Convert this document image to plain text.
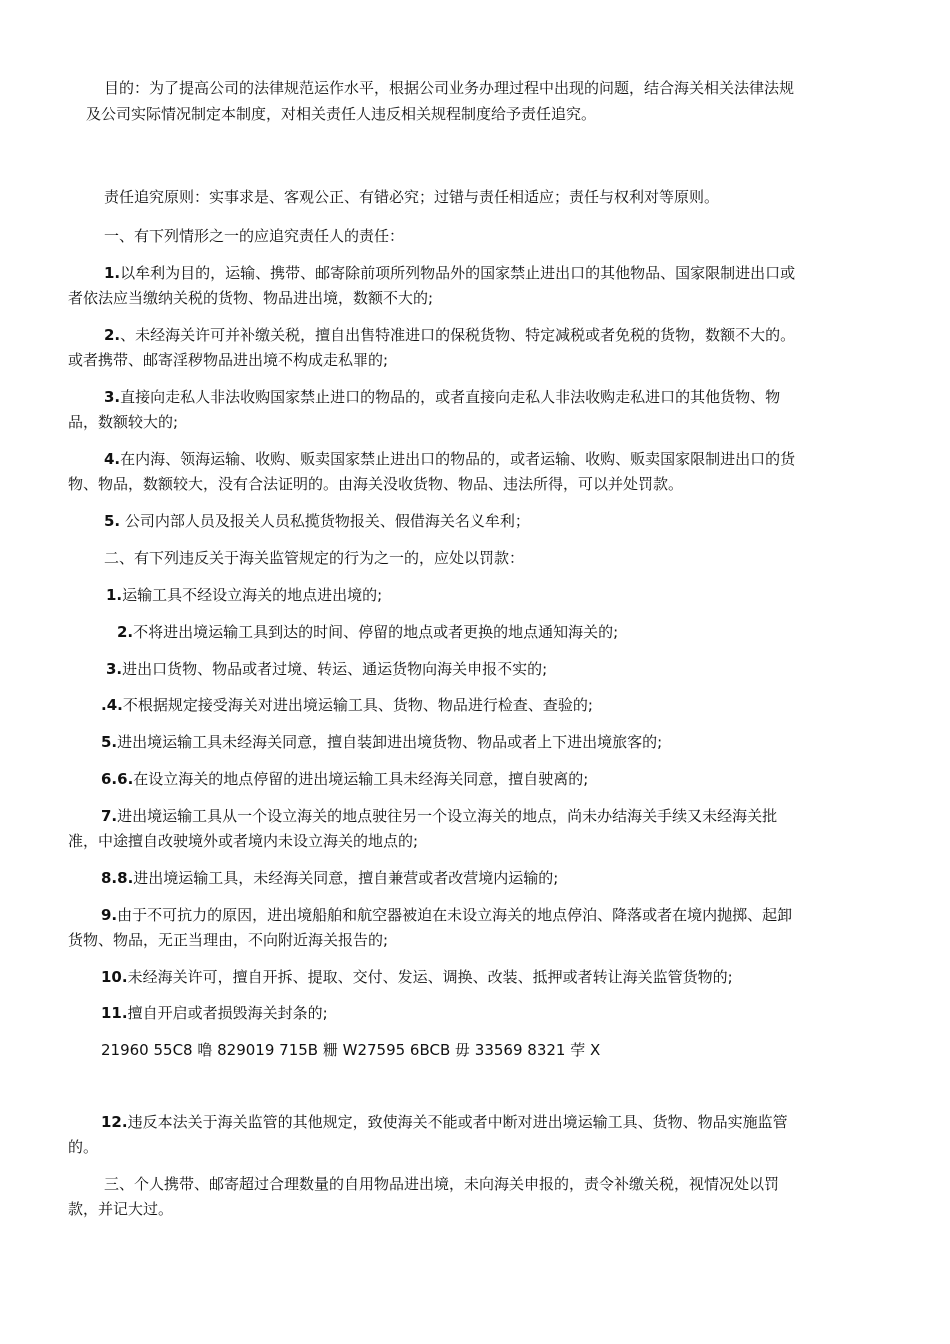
目的：为了提高公司的法律规范运作水平，根据公司业务办理过程中出现的问题，结合海关相关法律法规
及公司实际情况制定本制度，对相关责任人违反相关规程制度给予责任追究。
责任追究原则：实事求是、客观公正、有错必究；过错与责任相适应；责任与权利对等原则。
一、有下列情形之一的应追究责任人的责任：
1.以牟利为目的，运输、携带、邮寄除前项所列物品外的国家禁止进出口的其他物品、国家限制进出口或
者依法应当缴纳关税的货物、物品进出境，数额不大的;
2.、未经海关许可并补缴关税，擅自出售特准进口的保税货物、特定减税或者免税的货物，数额不大的。
或者携带、邮寄淫秽物品进出境不构成走私罪的;
3.直接向走私人非法收购国家禁止进口的物品的，或者直接向走私人非法收购走私进口的其他货物、物
品，数额较大的;
4.在内海、领海运输、收购、贩卖国家禁止进出口的物品的，或者运输、收购、贩卖国家限制进出口的货
物、物品，数额较大，没有合法证明的。由海关没收货物、物品、违法所得，可以并处罚款。
5. 公司内部人员及报关人员私揽货物报关、假借海关名义牟利；
二、有下列违反关于海关监管规定的行为之一的，应处以罚款：
1.运输工具不经设立海关的地点进出境的;
2.不将进出境运输工具到达的时间、停留的地点或者更换的地点通知海关的;
3.进出口货物、物品或者过境、转运、通运货物向海关申报不实的;
.4.不根据规定接受海关对进出境运输工具、货物、物品进行检查、查验的;
5.进出境运输工具未经海关同意，擅自装卸进出境货物、物品或者上下进出境旅客的;
6.6.在设立海关的地点停留的进出境运输工具未经海关同意，擅自驶离的;
7.进出境运输工具从一个设立海关的地点驶往另一个设立海关的地点，尚未办结海关手续又未经海关批
准，中途擅自改驶境外或者境内未设立海关的地点的;
8.8.进出境运输工具，未经海关同意，擅自兼营或者改营境内运输的;
9.由于不可抗力的原因，进出境船舶和航空器被迫在未设立海关的地点停泊、降落或者在境内抛掷、起卸
货物、物品，无正当理由，不向附近海关报告的;
10.未经海关许可，擅自开拆、提取、交付、发运、调换、改装、抵押或者转让海关监管货物的;
11.擅自开启或者损毁海关封条的;
21960 55C8 噜 829019 715B 粣 W27595 6BCB 毋 33569 8321 荢 X
12.违反本法关于海关监管的其他规定，致使海关不能或者中断对进出境运输工具、货物、物品实施监管
的。
三、个人携带、邮寄超过合理数量的自用物品进出境，未向海关申报的，责令补缴关税，视情况处以罚
款，并记大过。
